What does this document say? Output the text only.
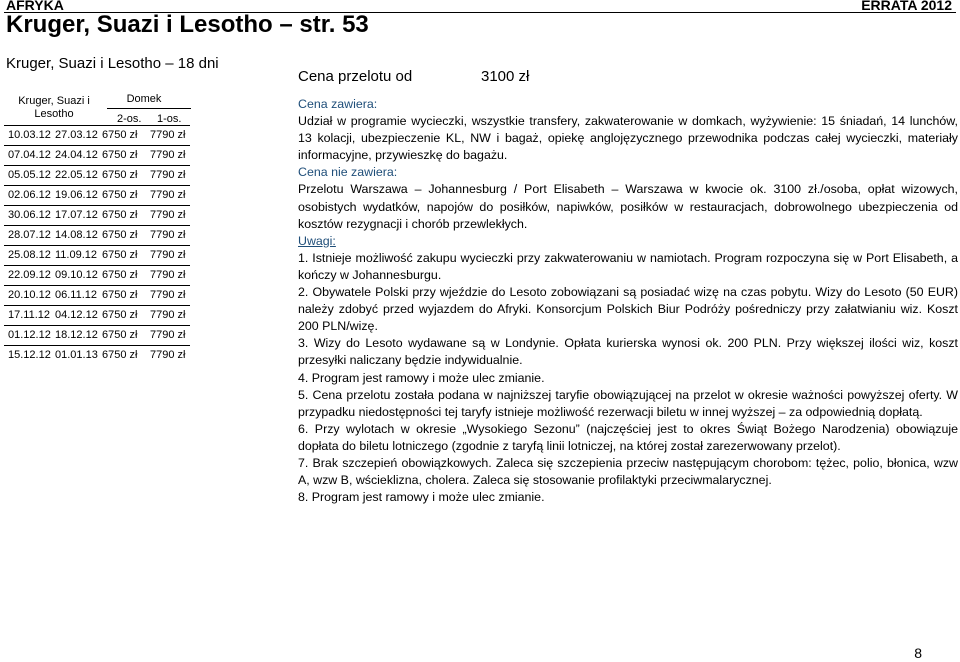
AFRYKA	ERRATA 2012
Kruger, Suazi i Lesotho – str. 53
Kruger, Suazi i Lesotho – 18 dni
Kruger, Suazi i Lesotho
Domek
2-os. 1-os.
10.03.12 27.03.12 6750 zł 7790 zł
07.04.12 24.04.12 6750 zł 7790 zł
05.05.12 22.05.12 6750 zł 7790 zł
02.06.12 19.06.12 6750 zł 7790 zł
30.06.12 17.07.12 6750 zł 7790 zł
28.07.12 14.08.12 6750 zł 7790 zł
25.08.12 11.09.12 6750 zł 7790 zł
22.09.12 09.10.12 6750 zł 7790 zł
20.10.12 06.11.12 6750 zł 7790 zł
17.11.12 04.12.12 6750 zł 7790 zł
01.12.12 18.12.12 6750 zł 7790 zł
15.12.12 01.01.13 6750 zł 7790 zł
Cena przelotu od	3100 zł

Cena zawiera:

Udział w programie wycieczki, wszystkie transfery, zakwaterowanie w domkach, wyżywienie: 15 śniadań, 14 lunchów, 13 kolacji, ubezpieczenie KL, NW i bagaż, opiekę anglojęzycznego przewodnika podczas całej wycieczki, materiały informacyjne, przywieszkę do bagażu.

Cena nie zawiera:

Przelotu Warszawa – Johannesburg / Port Elisabeth – Warszawa w kwocie ok. 3100 zł./osoba, opłat wizowych, osobistych wydatków, napojów do posiłków, napiwków, posiłków w restauracjach, dobrowolnego ubezpieczenia od kosztów rezygnacji i chorób przewlekłych.

Uwagi:

1. Istnieje możliwość zakupu wycieczki przy zakwaterowaniu w namiotach. Program rozpoczyna się w Port Elisabeth, a kończy w Johannesburgu.

2. Obywatele Polski przy wjeździe do Lesoto zobowiązani są posiadać wizę na czas pobytu. Wizy do Lesoto (50 EUR) należy zdobyć przed wyjazdem do Afryki. Konsorcjum Polskich Biur Podróży pośredniczy przy załatwianiu wiz. Koszt 200 PLN/wizę.

3. Wizy do Lesoto wydawane są w Londynie. Opłata kurierska wynosi ok. 200 PLN. Przy większej ilości wiz, koszt przesyłki naliczany będzie indywidualnie.

4. Program jest ramowy i może ulec zmianie.

5. Cena przelotu została podana w najniższej taryfie obowiązującej na przelot w okresie ważności powyższej oferty. W przypadku niedostępności tej taryfy istnieje możliwość rezerwacji biletu w innej wyższej – za odpowiednią dopłatą.

6. Przy wylotach w okresie „Wysokiego Sezonu” (najczęściej jest to okres Świąt Bożego Narodzenia) obowiązuje dopłata do biletu lotniczego (zgodnie z taryfą linii lotniczej, na której został zarezerwowany przelot).

7. Brak szczepień obowiązkowych. Zaleca się szczepienia przeciw następującym chorobom: tężec, polio, błonica, wzw A, wzw B, wścieklizna, cholera. Zaleca się stosowanie profilaktyki przeciwmalarycznej.

8. Program jest ramowy i może ulec zmianie.

8
